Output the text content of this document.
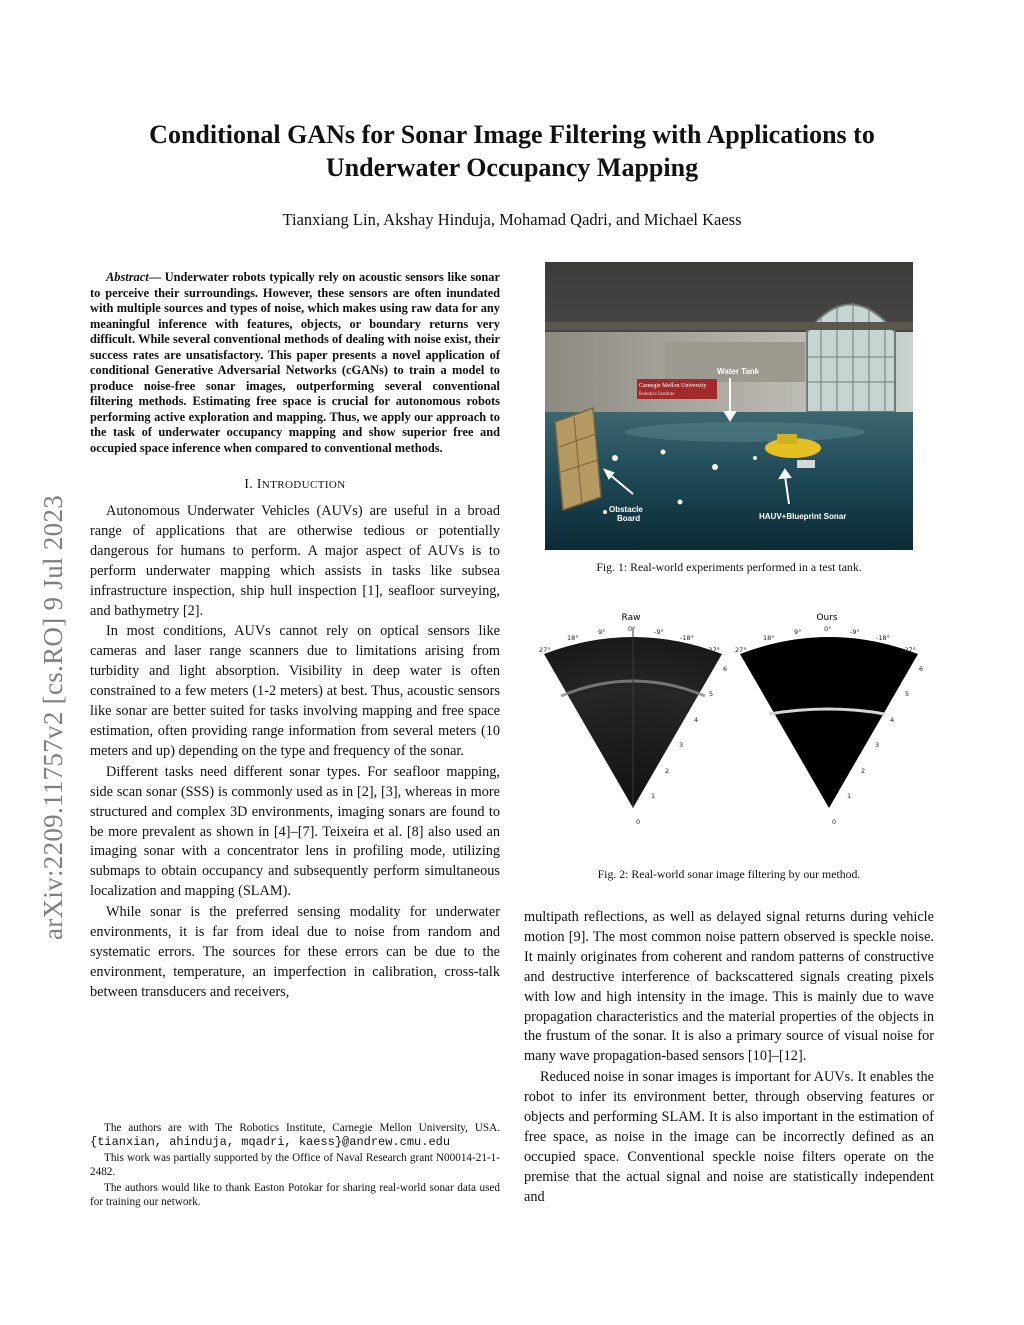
arXiv:2209.11757v2 [cs.RO] 9 Jul 2023
Conditional GANs for Sonar Image Filtering with Applications to
Underwater Occupancy Mapping
Tianxiang Lin, Akshay Hinduja, Mohamad Qadri, and Michael Kaess

Abstract— Underwater robots typically rely on acoustic sensors like sonar to perceive their surroundings. However, these sensors are often inundated with multiple sources and types of noise, which makes using raw data for any meaningful inference with features, objects, or boundary returns very difficult. While several conventional methods of dealing with noise exist, their success rates are unsatisfactory. This paper presents a novel application of conditional Generative Adversarial Networks (cGANs) to train a model to produce noise-free sonar images, outperforming several conventional filtering methods. Estimating free space is crucial for autonomous robots performing active exploration and mapping. Thus, we apply our approach to the task of underwater occupancy mapping and show superior free and occupied space inference when compared to conventional methods.

I. INTRODUCTION

Autonomous Underwater Vehicles (AUVs) are useful in a broad range of applications that are otherwise tedious or potentially dangerous for humans to perform. A major aspect of AUVs is to perform underwater mapping which assists in tasks like subsea infrastructure inspection, ship hull inspection [1], seafloor surveying, and bathymetry [2].

In most conditions, AUVs cannot rely on optical sensors like cameras and laser range scanners due to limitations arising from turbidity and light absorption. Visibility in deep water is often constrained to a few meters (1-2 meters) at best. Thus, acoustic sensors like sonar are better suited for tasks involving mapping and free space estimation, often providing range information from several meters (10 meters and up) depending on the type and frequency of the sonar.

Different tasks need different sonar types. For seafloor mapping, side scan sonar (SSS) is commonly used as in [2], [3], whereas in more structured and complex 3D environments, imaging sonars are found to be more prevalent as shown in [4]–[7]. Teixeira et al. [8] also used an imaging sonar with a concentrator lens in profiling mode, utilizing submaps to obtain occupancy and subsequently perform simultaneous localization and mapping (SLAM).

While sonar is the preferred sensing modality for underwater environments, it is far from ideal due to noise from random and systematic errors. The sources for these errors can be due to the environment, temperature, an imperfection in calibration, cross-talk between transducers and receivers,

The authors are with The Robotics Institute, Carnegie Mellon University, USA. {tianxian, ahinduja, mqadri, kaess}@andrew.cmu.edu

This work was partially supported by the Office of Naval Research grant N00014-21-1-2482.

The authors would like to thank Easton Potokar for sharing real-world sonar data used for training our network.

Carnegie Mellon University
Robotics Institute
Water Tank
Obstacle
Board	HAUV+Blueprint Sonar
Fig. 1: Real-world experiments performed in a test tank.
Raw
27°
18°
9°	0°	-9°
-18°
-27°
0
1
2
3
4
5
6
Ours
27°
18°
9°	0°	-9°
-18°
-27°
0
1
2
3
4
5
6
Fig. 2: Real-world sonar image filtering by our method.

multipath reflections, as well as delayed signal returns during vehicle motion [9]. The most common noise pattern observed is speckle noise. It mainly originates from coherent and random patterns of constructive and destructive interference of backscattered signals creating pixels with low and high intensity in the image. This is mainly due to wave propagation characteristics and the material properties of the objects in the frustum of the sonar. It is also a primary source of visual noise for many wave propagation-based sensors [10]–[12].

Reduced noise in sonar images is important for AUVs. It enables the robot to infer its environment better, through observing features or objects and performing SLAM. It is also important in the estimation of free space, as noise in the image can be incorrectly defined as an occupied space. Conventional speckle noise filters operate on the premise that the actual signal and noise are statistically independent and
